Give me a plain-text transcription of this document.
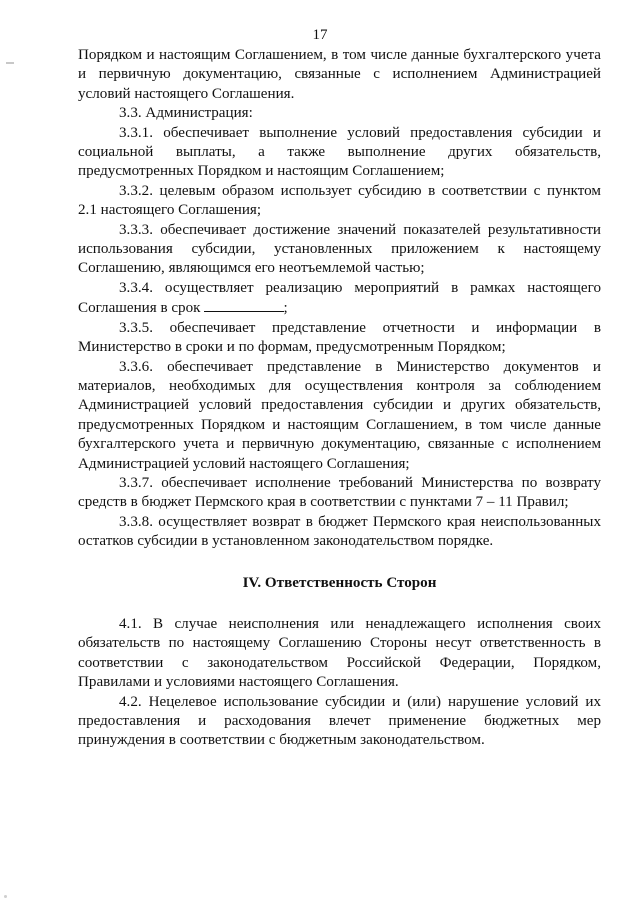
17

Порядком и настоящим Соглашением, в том числе данные бухгалтерского учета и первичную документацию, связанные с исполнением Администрацией условий настоящего Соглашения.

3.3. Администрация:

3.3.1. обеспечивает выполнение условий предоставления субсидии и социальной выплаты, а также выполнение других обязательств, предусмотренных Порядком и настоящим Соглашением;

3.3.2. целевым образом использует субсидию в соответствии с пунктом 2.1 настоящего Соглашения;

3.3.3. обеспечивает достижение значений показателей результативности использования субсидии, установленных приложением к настоящему Соглашению, являющимся его неотъемлемой частью;

3.3.4. осуществляет реализацию мероприятий в рамках настоящего Соглашения в срок	;

3.3.5. обеспечивает представление отчетности и информации в Министерство в сроки и по формам, предусмотренным Порядком;

3.3.6. обеспечивает представление в Министерство документов и материалов, необходимых для осуществления контроля за соблюдением Администрацией условий предоставления субсидии и других обязательств, предусмотренных Порядком и настоящим Соглашением, в том числе данные бухгалтерского учета и первичную документацию, связанные с исполнением Администрацией условий настоящего Соглашения;

3.3.7. обеспечивает исполнение требований Министерства по возврату средств в бюджет Пермского края в соответствии с пунктами 7 – 11 Правил;

3.3.8. осуществляет возврат в бюджет Пермского края неиспользованных остатков субсидии в установленном законодательством порядке.

IV. Ответственность Сторон

4.1. В случае неисполнения или ненадлежащего исполнения своих обязательств по настоящему Соглашению Стороны несут ответственность в соответствии с законодательством Российской Федерации, Порядком, Правилами и условиями настоящего Соглашения.

4.2. Нецелевое использование субсидии и (или) нарушение условий их предоставления и расходования влечет применение бюджетных мер принуждения в соответствии с бюджетным законодательством.
